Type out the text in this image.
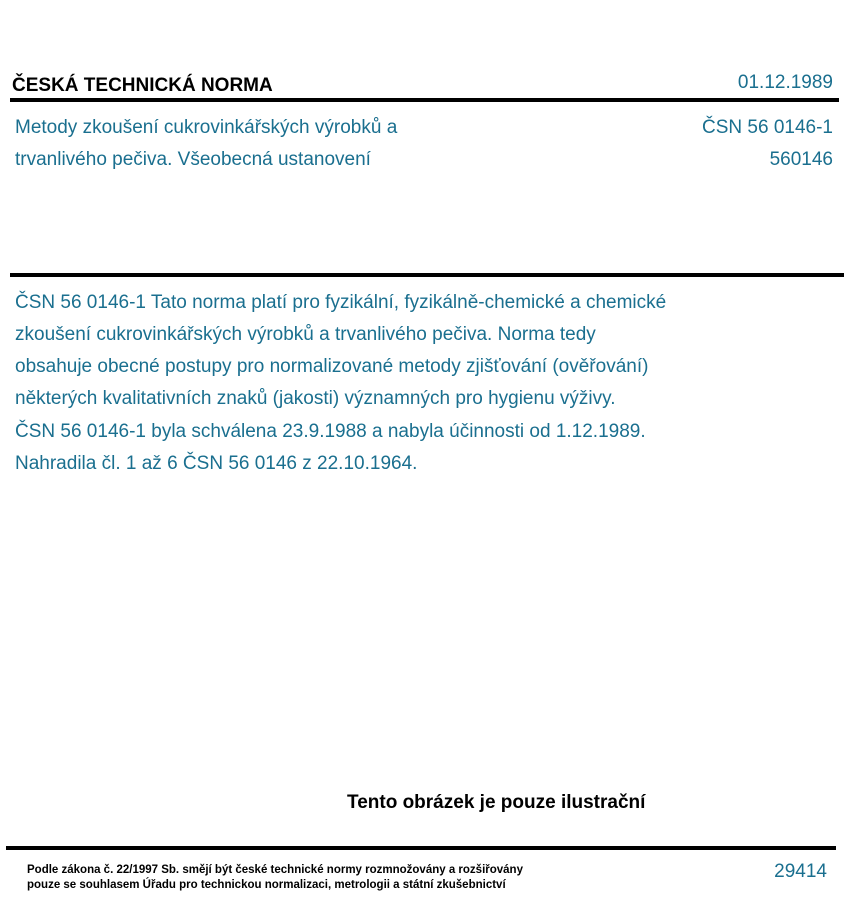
ČESKÁ TECHNICKÁ NORMA	01.12.1989
Metody zkoušení cukrovinkářských výrobků a
trvanlivého pečiva. Všeobecná ustanovení
ČSN 56 0146-1
560146
ČSN 56 0146-1 Tato norma platí pro fyzikální, fyzikálně-chemické a chemické
zkoušení cukrovinkářských výrobků a trvanlivého pečiva. Norma tedy
obsahuje obecné postupy pro normalizované metody zjišťování (ověřování)
některých kvalitativních znaků (jakosti) významných pro hygienu výživy.
ČSN 56 0146-1 byla schválena 23.9.1988 a nabyla účinnosti od 1.12.1989.
Nahradila čl. 1 až 6 ČSN 56 0146 z 22.10.1964.
Tento obrázek je pouze ilustrační
Podle zákona č. 22/1997 Sb. smějí být české technické normy rozmnožovány a rozšiřovány
pouze se souhlasem Úřadu pro technickou normalizaci, metrologii a státní zkušebnictví
29414
